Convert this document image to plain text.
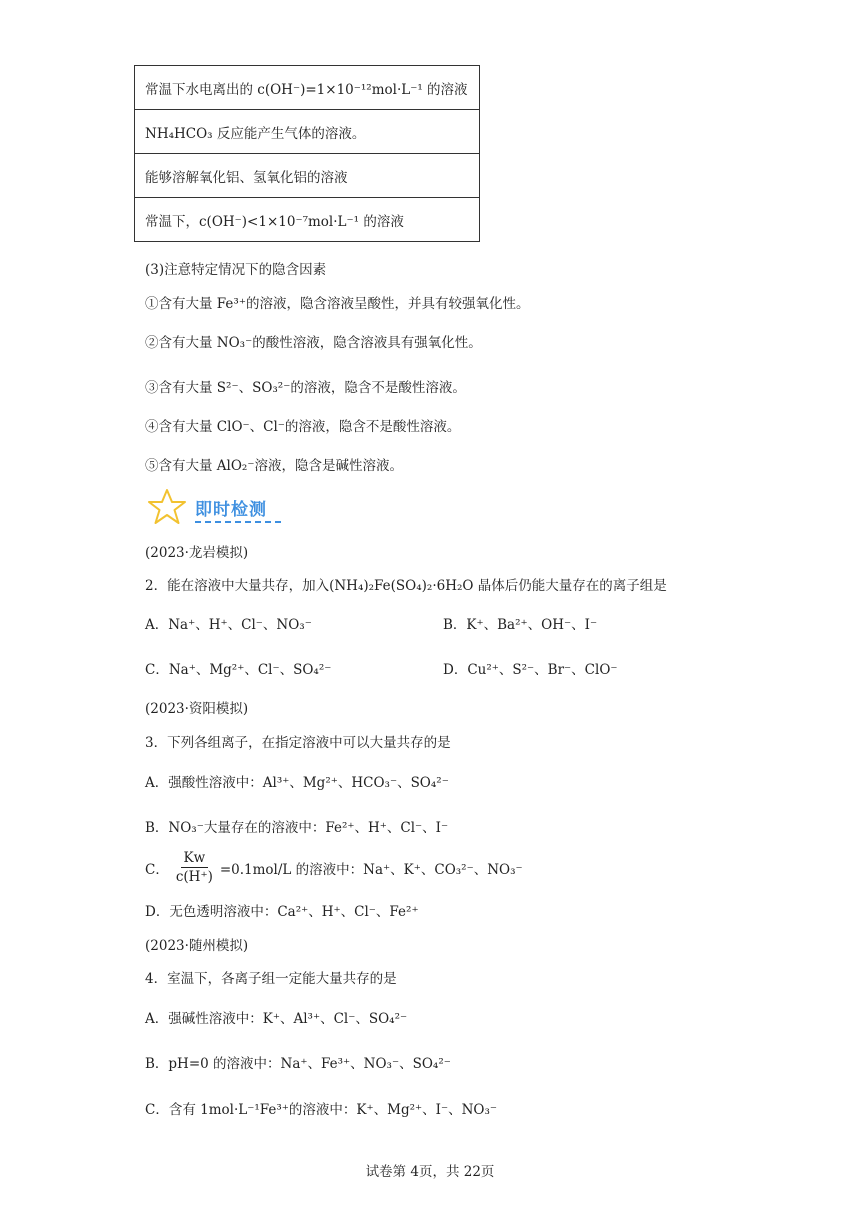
常温下水电离出的 c(OH⁻)=1×10⁻¹²mol·L⁻¹ 的溶液
NH₄HCO₃ 反应能产生气体的溶液。
能够溶解氧化铝、氢氧化铝的溶液
常温下，c(OH⁻)<1×10⁻⁷mol·L⁻¹ 的溶液
(3)注意特定情况下的隐含因素
①含有大量 Fe³⁺的溶液，隐含溶液呈酸性，并具有较强氧化性。
②含有大量 NO₃⁻的酸性溶液，隐含溶液具有强氧化性。
③含有大量 S²⁻、SO₃²⁻的溶液，隐含不是酸性溶液。
④含有大量 ClO⁻、Cl⁻的溶液，隐含不是酸性溶液。
⑤含有大量 AlO₂⁻溶液，隐含是碱性溶液。
即时检测
(2023·龙岩模拟)
2．能在溶液中大量共存，加入(NH₄)₂Fe(SO₄)₂·6H₂O 晶体后仍能大量存在的离子组是
A．Na⁺、H⁺、Cl⁻、NO₃⁻	B．K⁺、Ba²⁺、OH⁻、I⁻
C．Na⁺、Mg²⁺、Cl⁻、SO₄²⁻	D．Cu²⁺、S²⁻、Br⁻、ClO⁻
(2023·资阳模拟)
3．下列各组离子，在指定溶液中可以大量共存的是
A．强酸性溶液中：Al³⁺、Mg²⁺、HCO₃⁻、SO₄²⁻
B．NO₃⁻大量存在的溶液中：Fe²⁺、H⁺、Cl⁻、I⁻
C． $\frac{Kw}{c(H^+)} =0.1mol/L$ 的溶液中：Na⁺、K⁺、CO₃²⁻、NO₃⁻
D．无色透明溶液中：Ca²⁺、H⁺、Cl⁻、Fe²⁺
(2023·随州模拟)
4．室温下，各离子组一定能大量共存的是
A．强碱性溶液中：K⁺、Al³⁺、Cl⁻、SO₄²⁻
B．pH=0 的溶液中：Na⁺、Fe³⁺、NO₃⁻、SO₄²⁻
C．含有 1mol·L⁻¹Fe³⁺的溶液中：K⁺、Mg²⁺、I⁻、NO₃⁻
试卷第 4页，共 22页
